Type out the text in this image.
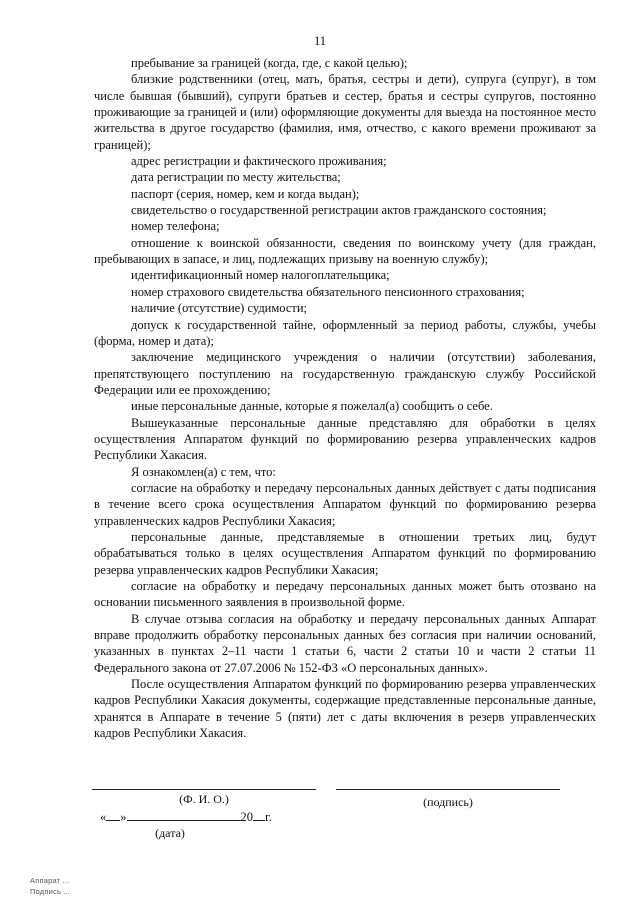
11

пребывание за границей (когда, где, с какой целью);

близкие родственники (отец, мать, братья, сестры и дети), супруга (супруг), в том числе бывшая (бывший), супруги братьев и сестер, братья и сестры супругов, постоянно проживающие за границей и (или) оформляющие документы для выезда на постоянное место жительства в другое государство (фамилия, имя, отчество, с какого времени проживают за границей);

адрес регистрации и фактического проживания;

дата регистрации по месту жительства;

паспорт (серия, номер, кем и когда выдан);

свидетельство о государственной регистрации актов гражданского состояния;

номер телефона;

отношение к воинской обязанности, сведения по воинскому учету (для граждан, пребывающих в запасе, и лиц, подлежащих призыву на военную службу);

идентификационный номер налогоплательщика;

номер страхового свидетельства обязательного пенсионного страхования;

наличие (отсутствие) судимости;

допуск к государственной тайне, оформленный за период работы, службы, учебы (форма, номер и дата);

заключение медицинского учреждения о наличии (отсутствии) заболевания, препятствующего поступлению на государственную гражданскую службу Российской Федерации или ее прохождению;

иные персональные данные, которые я пожелал(а) сообщить о себе.

Вышеуказанные персональные данные представляю для обработки в целях осуществления Аппаратом функций по формированию резерва управленческих кадров Республики Хакасия.

Я ознакомлен(а) с тем, что:

согласие на обработку и передачу персональных данных действует с даты подписания в течение всего срока осуществления Аппаратом функций по формированию резерва управленческих кадров Республики Хакасия;

персональные данные, представляемые в отношении третьих лиц, будут обрабатываться только в целях осуществления Аппаратом функций по формированию резерва управленческих кадров Республики Хакасия;

согласие на обработку и передачу персональных данных может быть отозвано на основании письменного заявления в произвольной форме.

В случае отзыва согласия на обработку и передачу персональных данных Аппарат вправе продолжить обработку персональных данных без согласия при наличии оснований, указанных в пунктах 2–11 части 1 статьи 6, части 2 статьи 10 и части 2 статьи 11 Федерального закона от 27.07.2006 № 152-ФЗ «О персональных данных».

После осуществления Аппаратом функций по формированию резерва управленческих кадров Республики Хакасия документы, содержащие представленные персональные данные, хранятся в Аппарате в течение 5 (пяти) лет с даты включения в резерв управленческих кадров Республики Хакасия.

(Ф. И. О.)	(подпись)
« »	20 г.
(дата)
Аппарат ...
Подпись ...
